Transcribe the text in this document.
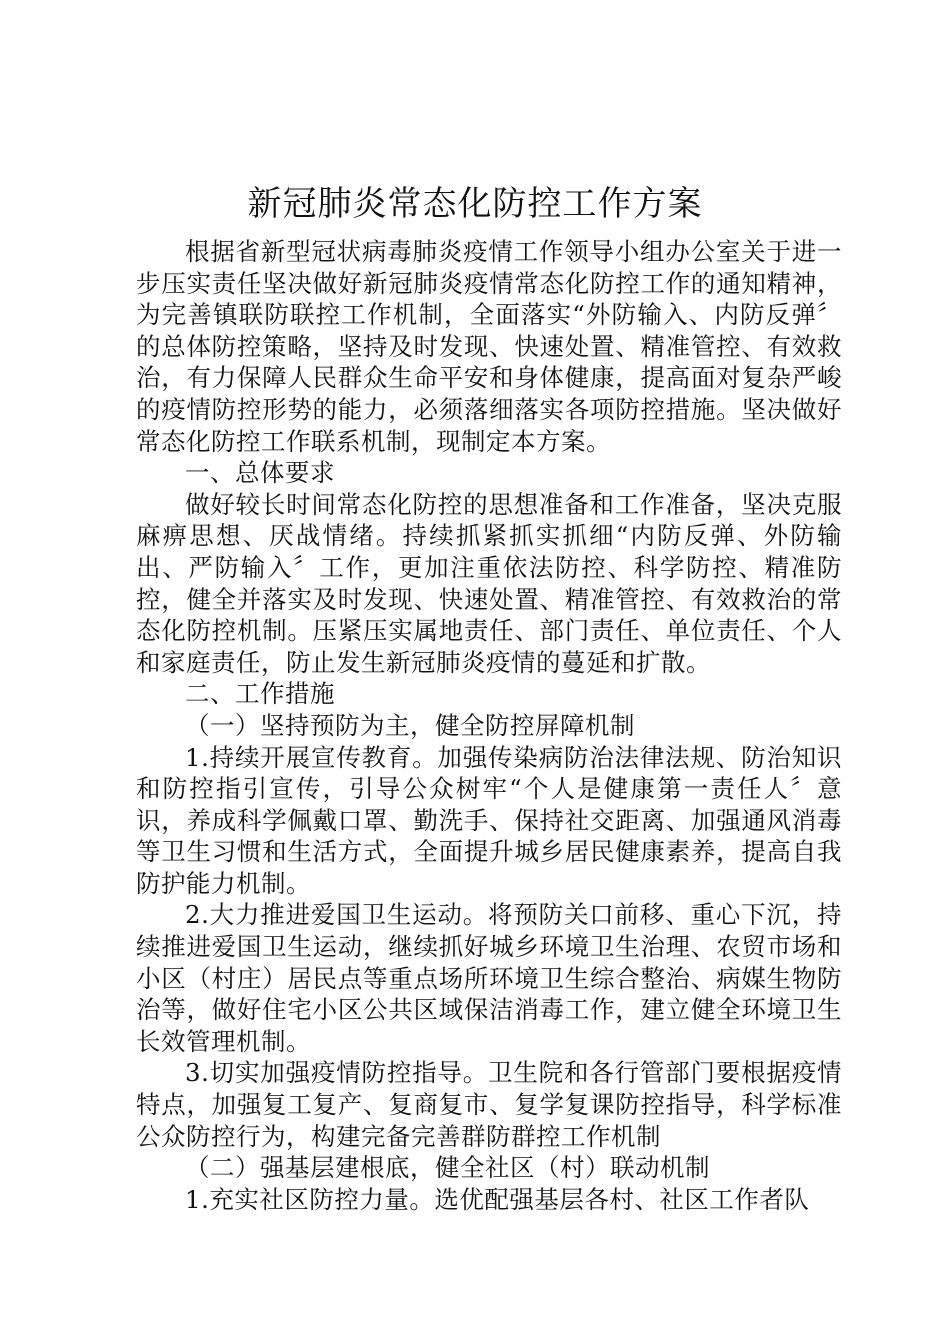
新冠肺炎常态化防控工作方案

根据省新型冠状病毒肺炎疫情工作领导小组办公室关于进一步压实责任坚决做好新冠肺炎疫情常态化防控工作的通知精神，为完善镇联防联控工作机制，全面落实“外防输入、内防反弹〞的总体防控策略，坚持及时发现、快速处置、精准管控、有效救治，有力保障人民群众生命平安和身体健康，提高面对复杂严峻的疫情防控形势的能力，必须落细落实各项防控措施。坚决做好常态化防控工作联系机制，现制定本方案。

一、总体要求

做好较长时间常态化防控的思想准备和工作准备，坚决克服麻痹思想、厌战情绪。持续抓紧抓实抓细“内防反弹、外防输出、严防输入〞工作，更加注重依法防控、科学防控、精准防控，健全并落实及时发现、快速处置、精准管控、有效救治的常态化防控机制。压紧压实属地责任、部门责任、单位责任、个人和家庭责任，防止发生新冠肺炎疫情的蔓延和扩散。

二、工作措施

（一）坚持预防为主，健全防控屏障机制

1.持续开展宣传教育。加强传染病防治法律法规、防治知识和防控指引宣传，引导公众树牢“个人是健康第一责任人〞意识，养成科学佩戴口罩、勤洗手、保持社交距离、加强通风消毒等卫生习惯和生活方式，全面提升城乡居民健康素养，提高自我防护能力机制。

2.大力推进爱国卫生运动。将预防关口前移、重心下沉，持续推进爱国卫生运动，继续抓好城乡环境卫生治理、农贸市场和小区（村庄）居民点等重点场所环境卫生综合整治、病媒生物防治等，做好住宅小区公共区域保洁消毒工作，建立健全环境卫生长效管理机制。

3.切实加强疫情防控指导。卫生院和各行管部门要根据疫情特点，加强复工复产、复商复市、复学复课防控指导，科学标准公众防控行为，构建完备完善群防群控工作机制

（二）强基层建根底，健全社区（村）联动机制

1.充实社区防控力量。选优配强基层各村、社区工作者队
